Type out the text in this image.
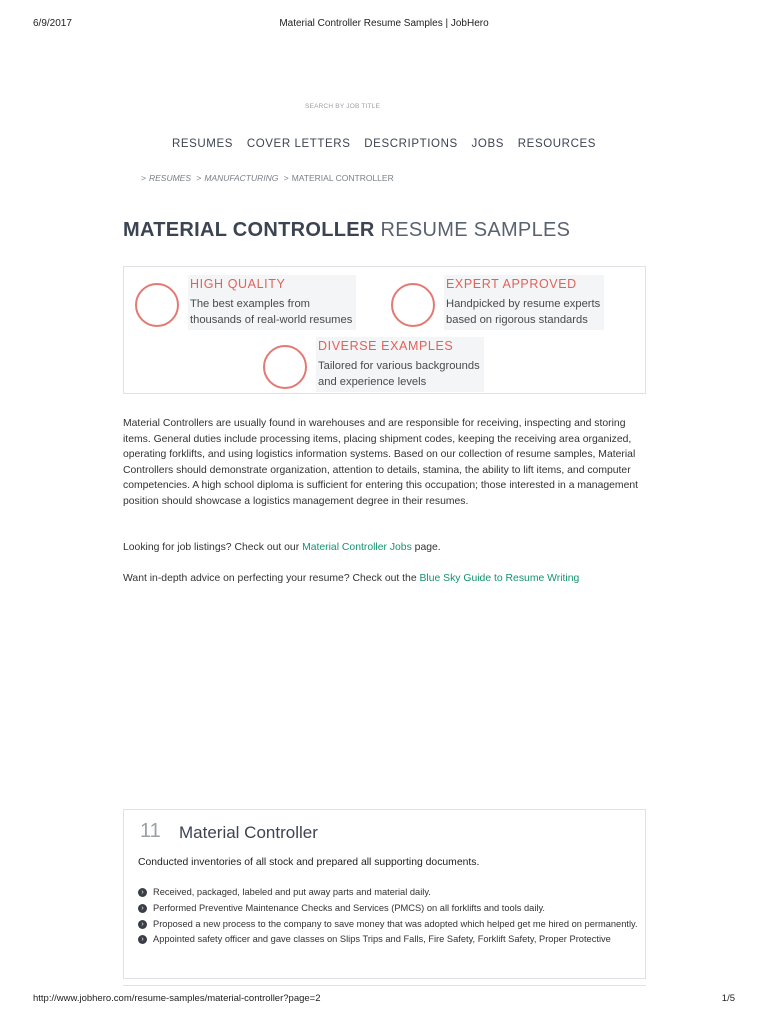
6/9/2017	Material Controller Resume Samples | JobHero
SEARCH BY JOB TITLE
RESUMES COVER LETTERS DESCRIPTIONS JOBS RESOURCES
> RESUMES > MANUFACTURING > MATERIAL CONTROLLER
MATERIAL CONTROLLER RESUME SAMPLES
HIGH QUALITY
The best examples from
thousands of real-world resumes
EXPERT APPROVED
Handpicked by resume experts
based on rigorous standards
DIVERSE EXAMPLES
Tailored for various backgrounds
and experience levels

Material Controllers are usually found in warehouses and are responsible for receiving, inspecting and storing items. General duties include processing items, placing shipment codes, keeping the receiving area organized, operating forklifts, and using logistics information systems. Based on our collection of resume samples, Material Controllers should demonstrate organization, attention to details, stamina, the ability to lift items, and computer competencies. A high school diploma is sufficient for entering this occupation; those interested in a management position should showcase a logistics management degree in their resumes.

Looking for job listings? Check out our Material Controller Jobs page.

Want in-depth advice on perfecting your resume? Check out the Blue Sky Guide to Resume Writing

11 Material Controller
Conducted inventories of all stock and prepared all supporting documents.
›	Received, packaged, labeled and put away parts and material daily.
›	Performed Preventive Maintenance Checks and Services (PMCS) on all forklifts and tools daily.
›	Proposed a new process to the company to save money that was adopted which helped get me hired on permanently.
›	Appointed safety officer and gave classes on Slips Trips and Falls, Fire Safety, Forklift Safety, Proper Protective
http://www.jobhero.com/resume-samples/material-controller?page=2	1/5
